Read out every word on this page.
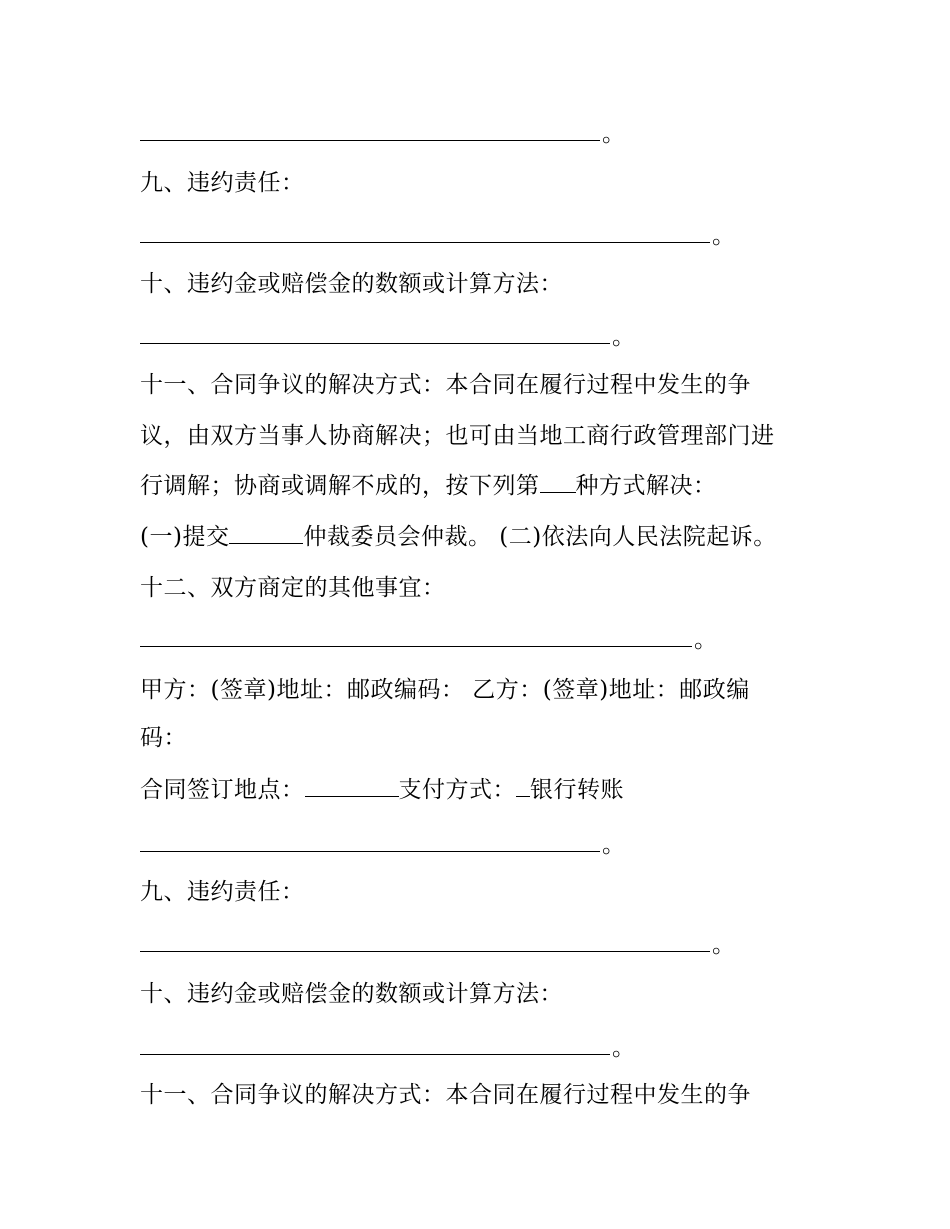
。
九、违约责任：
。
十、违约金或赔偿金的数额或计算方法：
。
十一、合同争议的解决方式：本合同在履行过程中发生的争
议，由双方当事人协商解决；也可由当地工商行政管理部门进
行调解；协商或调解不成的，按下列第 种方式解决：
(一)提交	仲裁委员会仲裁。 (二)依法向人民法院起诉。
十二、双方商定的其他事宜：
。
甲方：(签章)地址：邮政编码： 乙方：(签章)地址：邮政编
码：
合同签订地点：	支付方式： 银行转账
。
九、违约责任：
。
十、违约金或赔偿金的数额或计算方法：
。
十一、合同争议的解决方式：本合同在履行过程中发生的争
